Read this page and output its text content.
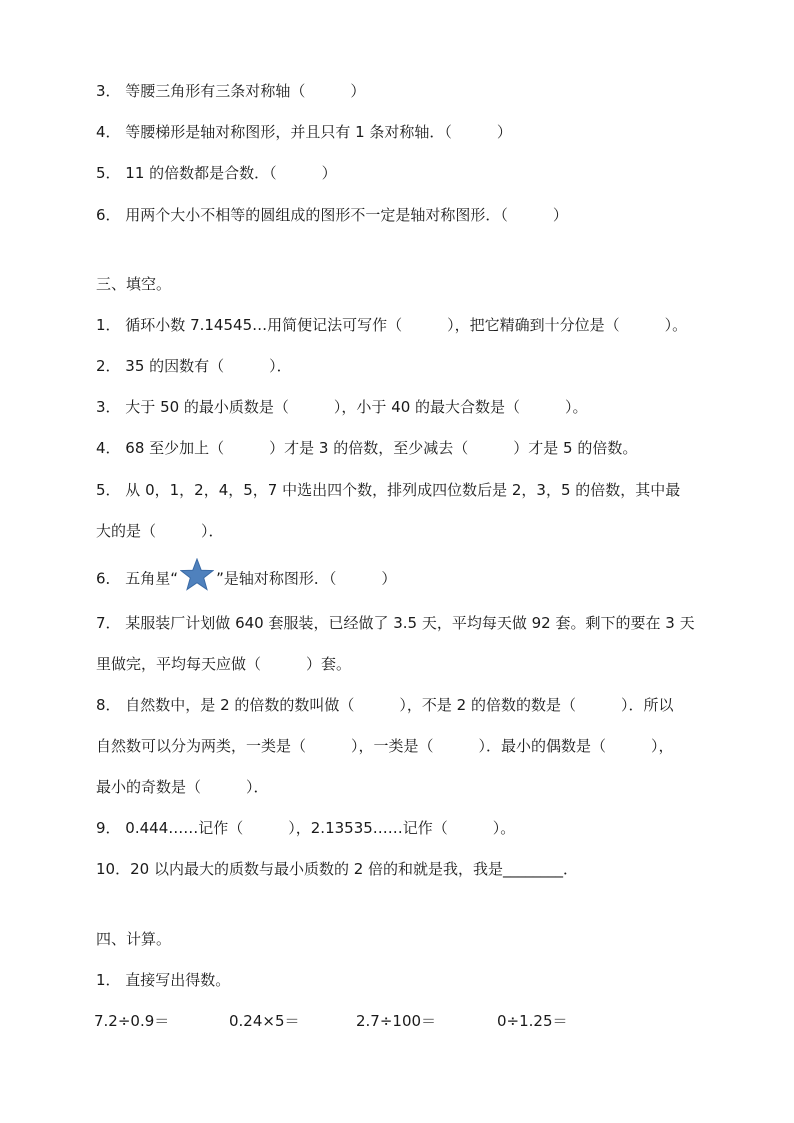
3． 等腰三角形有三条对称轴（　　　）
4． 等腰梯形是轴对称图形，并且只有 1 条对称轴．（　　　）
5． 11 的倍数都是合数．（　　　）
6． 用两个大小不相等的圆组成的图形不一定是轴对称图形．（　　　）
三、填空。
1． 循环小数 7.14545…用简便记法可写作（　　　），把它精确到十分位是（　　　）。
2． 35 的因数有（　　　）．
3． 大于 50 的最小质数是（　　　），小于 40 的最大合数是（　　　）。
4． 68 至少加上（　　　）才是 3 的倍数，至少减去（　　　）才是 5 的倍数。
5． 从 0，1，2，4，5，7 中选出四个数，排列成四位数后是 2，3，5 的倍数，其中最
大的是（　　　）．
6． 五角星“	”是轴对称图形．（　　　）
7． 某服装厂计划做 640 套服装，已经做了 3.5 天，平均每天做 92 套。剩下的要在 3 天
里做完，平均每天应做（　　　）套。
8． 自然数中，是 2 的倍数的数叫做（　　　），不是 2 的倍数的数是（　　　）．所以
自然数可以分为两类，一类是（　　　），一类是（　　　）．最小的偶数是（　　　），
最小的奇数是（　　　）．
9． 0.444……记作（　　　），2.13535……记作（　　　）。
10．20 以内最大的质数与最小质数的 2 倍的和就是我，我是________．
四、计算。
1． 直接写出得数。
7.2÷0.9＝	0.24×5＝	2.7÷100＝	0÷1.25＝
